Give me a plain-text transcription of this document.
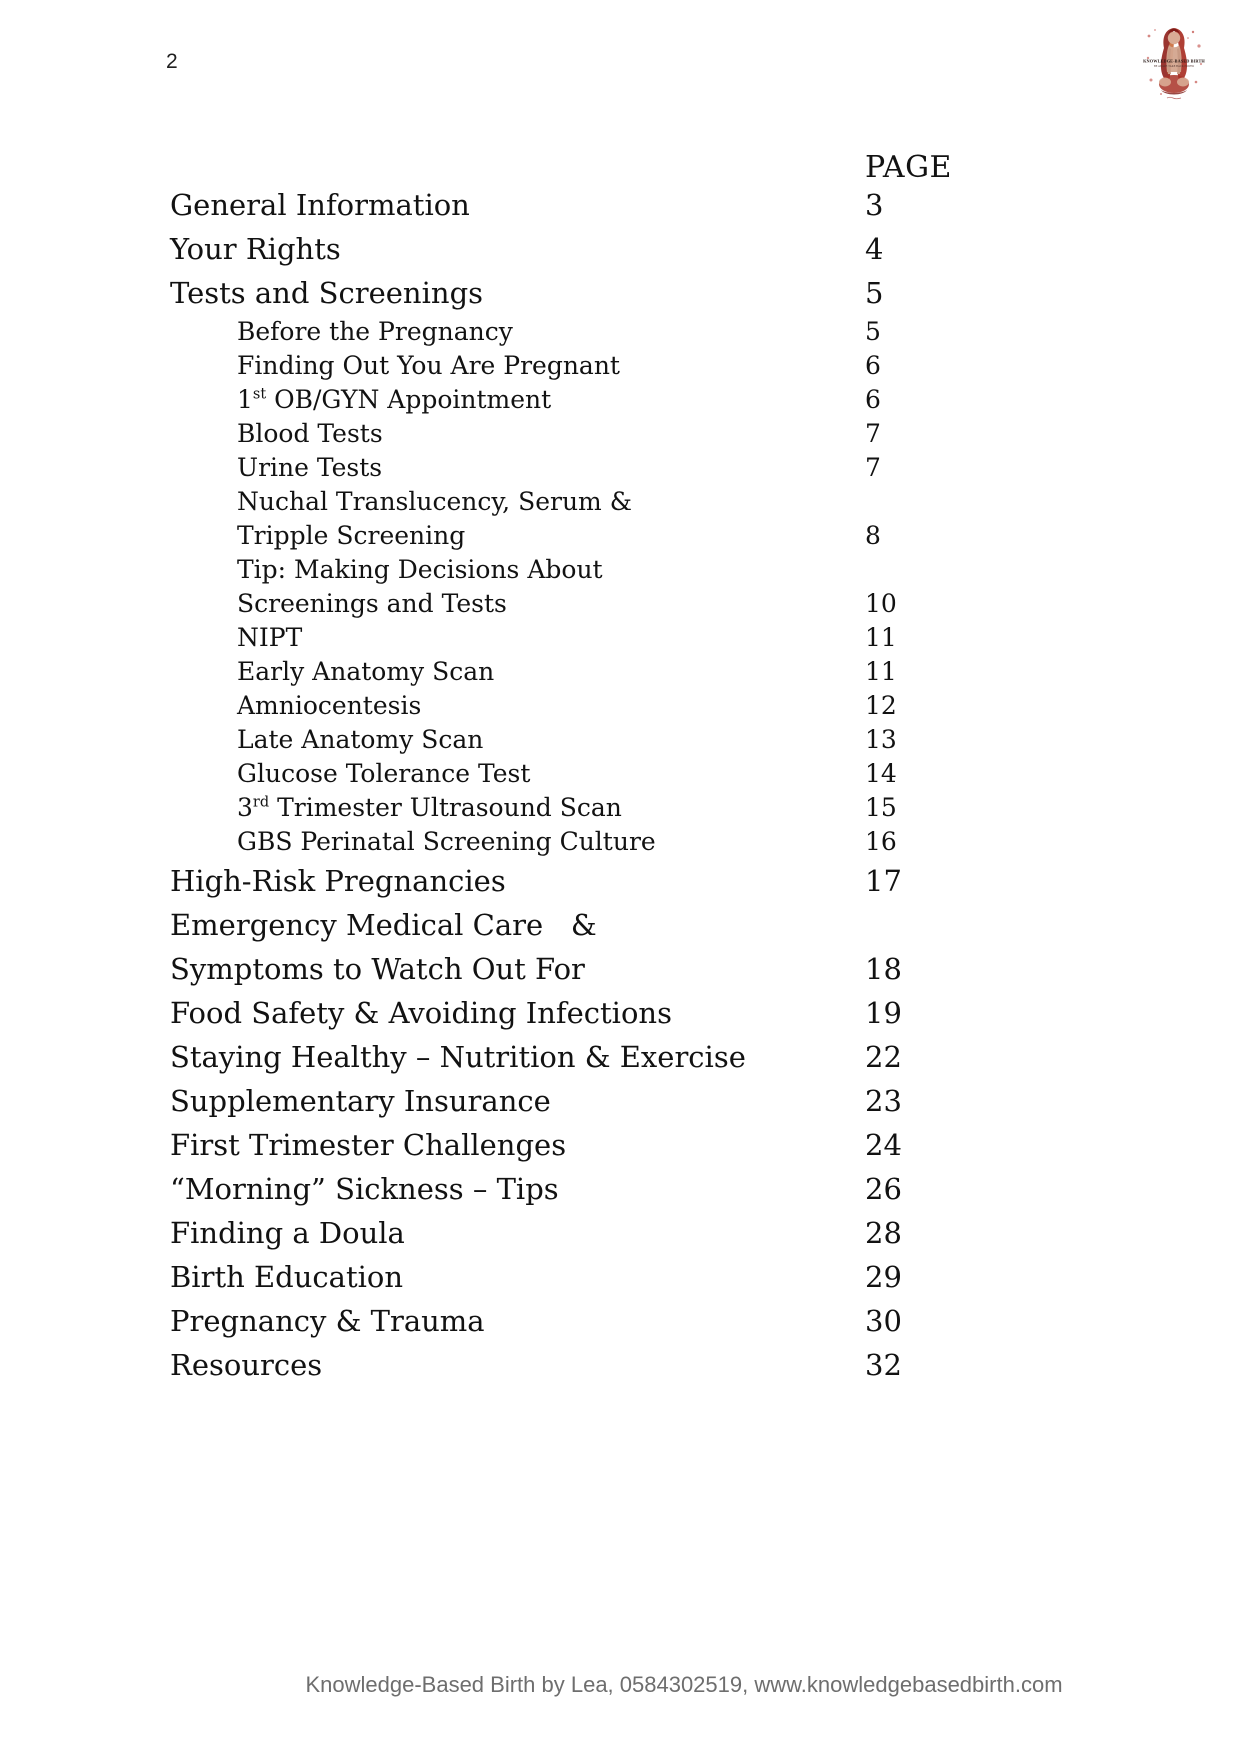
2	KNOWLEDGE-BASED BIRTH
BE AWARE TAKE BACK POWER
PAGE
General Information	3
Your Rights	4
Tests and Screenings	5
Before the Pregnancy	5
Finding Out You Are Pregnant	6
1st OB/GYN Appointment	6
Blood Tests	7
Urine Tests	7
Nuchal Translucency, Serum &
Tripple Screening	8
Tip: Making Decisions About
Screenings and Tests	10
NIPT	11
Early Anatomy Scan	11
Amniocentesis	12
Late Anatomy Scan	13
Glucose Tolerance Test	14
3rd Trimester Ultrasound Scan	15
GBS Perinatal Screening Culture	16
High-Risk Pregnancies	17
Emergency Medical Care   &
Symptoms to Watch Out For	18
Food Safety & Avoiding Infections	19
Staying Healthy – Nutrition & Exercise	22
Supplementary Insurance	23
First Trimester Challenges	24
“Morning” Sickness – Tips	26
Finding a Doula	28
Birth Education	29
Pregnancy & Trauma	30
Resources	32
Knowledge-Based Birth by Lea, 0584302519, www.knowledgebasedbirth.com
